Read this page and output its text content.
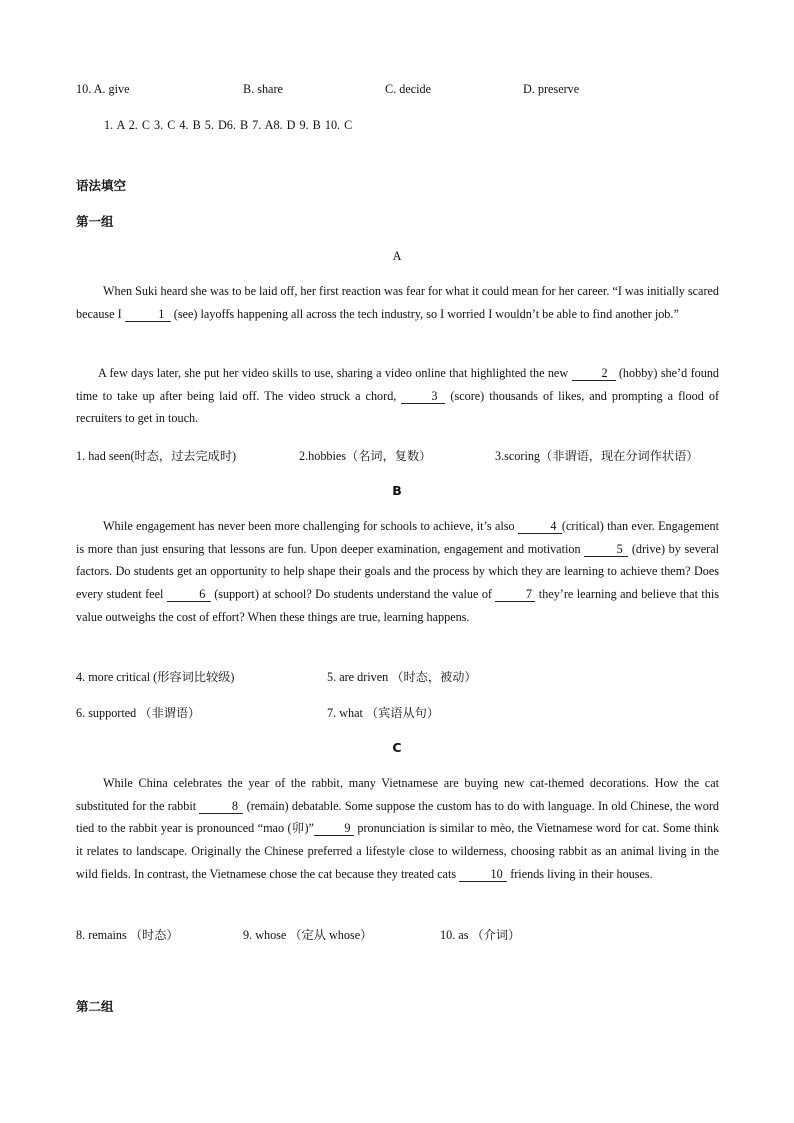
10. A. give	B. share	C. decide	D. preserve
1. A 2. C 3. C 4. B 5. D6. B 7. A8. D 9. B 10. C
语法填空
第一组
A
When Suki heard she was to be laid off, her first reaction was fear for what it could mean for her career. “I was initially scared because I	1 (see) layoffs happening all across the tech industry, so I worried I wouldn’t be able to find another job.”
A few days later, she put her video skills to use, sharing a video online that highlighted the new 2 (hobby) she’d found time to take up after being laid off. The video struck a chord, 3 (score) thousands of likes, and prompting a flood of recruiters to get in touch.
1. had seen(时态，过去完成时)	2.hobbies（名词，复数）	3.scoring（非谓语，现在分词作状语）
B
While engagement has never been more challenging for schools to achieve, it’s also	4 (critical) than ever. Engagement is more than just ensuring that lessons are fun. Upon deeper examination, engagement and motivation	5 (drive) by several factors. Do students get an opportunity to help shape their goals and the process by which they are learning to achieve them? Does every student feel	6 (support) at school? Do students understand the value of 7 they’re learning and believe that this value outweighs the cost of effort? When these things are true, learning happens.
4. more critical (形容词比较级)	5. are driven （时态，被动）
6. supported （非谓语）	7. what （宾语从句）
C
While China celebrates the year of the rabbit, many Vietnamese are buying new cat-themed decorations. How the cat substituted for the rabbit	8 (remain) debatable. Some suppose the custom has to do with language. In old Chinese, the word tied to the rabbit year is pronounced “mao (卯)” 9 pronunciation is similar to mèo, the Vietnamese word for cat. Some think it relates to landscape. Originally the Chinese preferred a lifestyle close to wilderness, choosing rabbit as an animal living in the wild fields. In contrast, the Vietnamese chose the cat because they treated cats	10 friends living in their houses.
8. remains （时态）	9. whose （定从 whose）	10. as （介词）
第二组
